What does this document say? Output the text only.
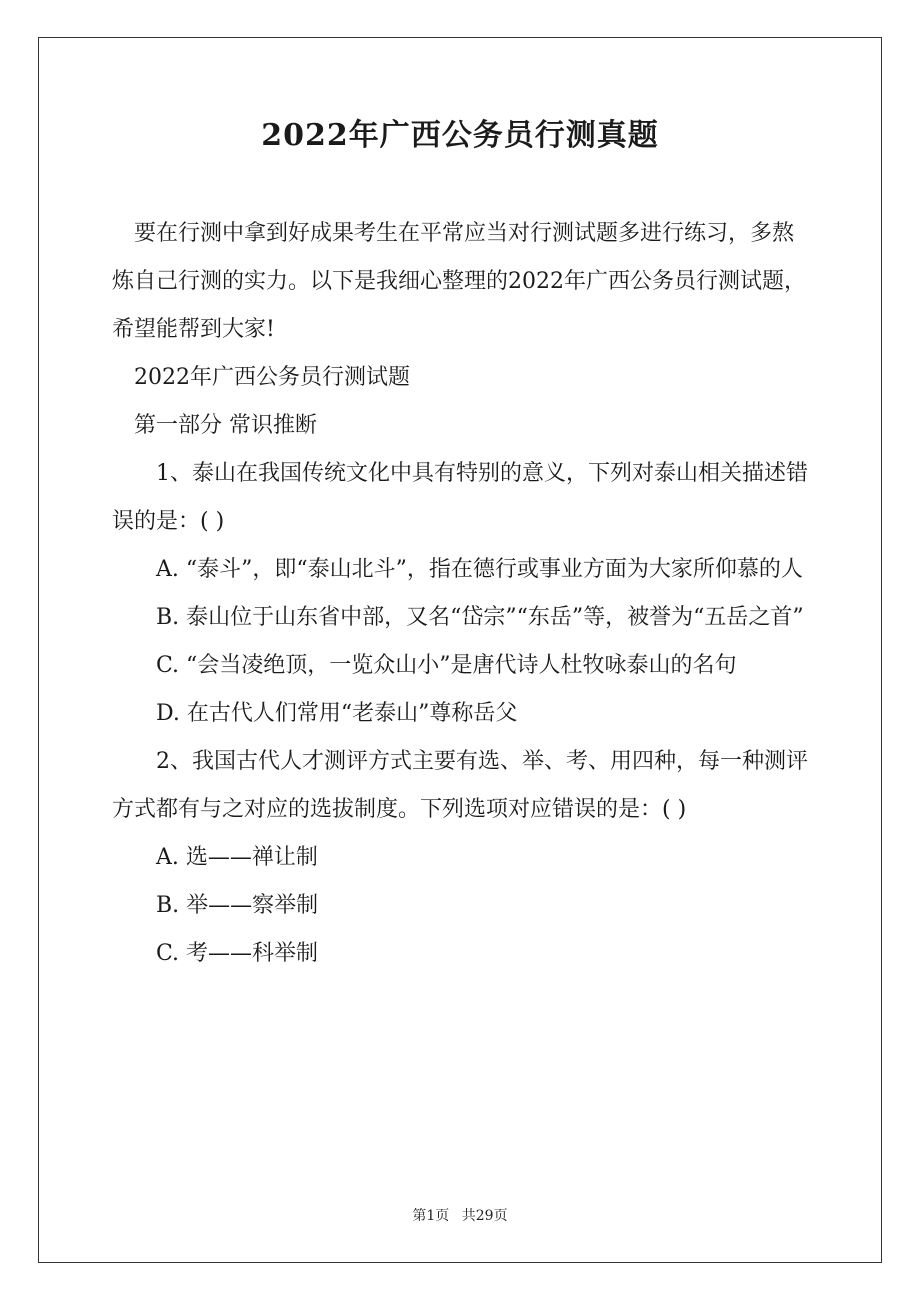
2022年广西公务员行测真题

要在行测中拿到好成果考生在平常应当对行测试题多进行练习，多熬炼自己行测的实力。以下是我细心整理的2022年广西公务员行测试题，希望能帮到大家!

2022年广西公务员行测试题

第一部分 常识推断

1、泰山在我国传统文化中具有特别的意义，下列对泰山相关描述错误的是：( )

A. “泰斗”，即“泰山北斗”，指在德行或事业方面为大家所仰慕的人

B. 泰山位于山东省中部，又名“岱宗”“东岳”等，被誉为“五岳之首”

C. “会当凌绝顶，一览众山小”是唐代诗人杜牧咏泰山的名句

D. 在古代人们常用“老泰山”尊称岳父

2、我国古代人才测评方式主要有选、举、考、用四种，每一种测评方式都有与之对应的选拔制度。下列选项对应错误的是：( )

A. 选——禅让制

B. 举——察举制

C. 考——科举制

第1页 共29页
